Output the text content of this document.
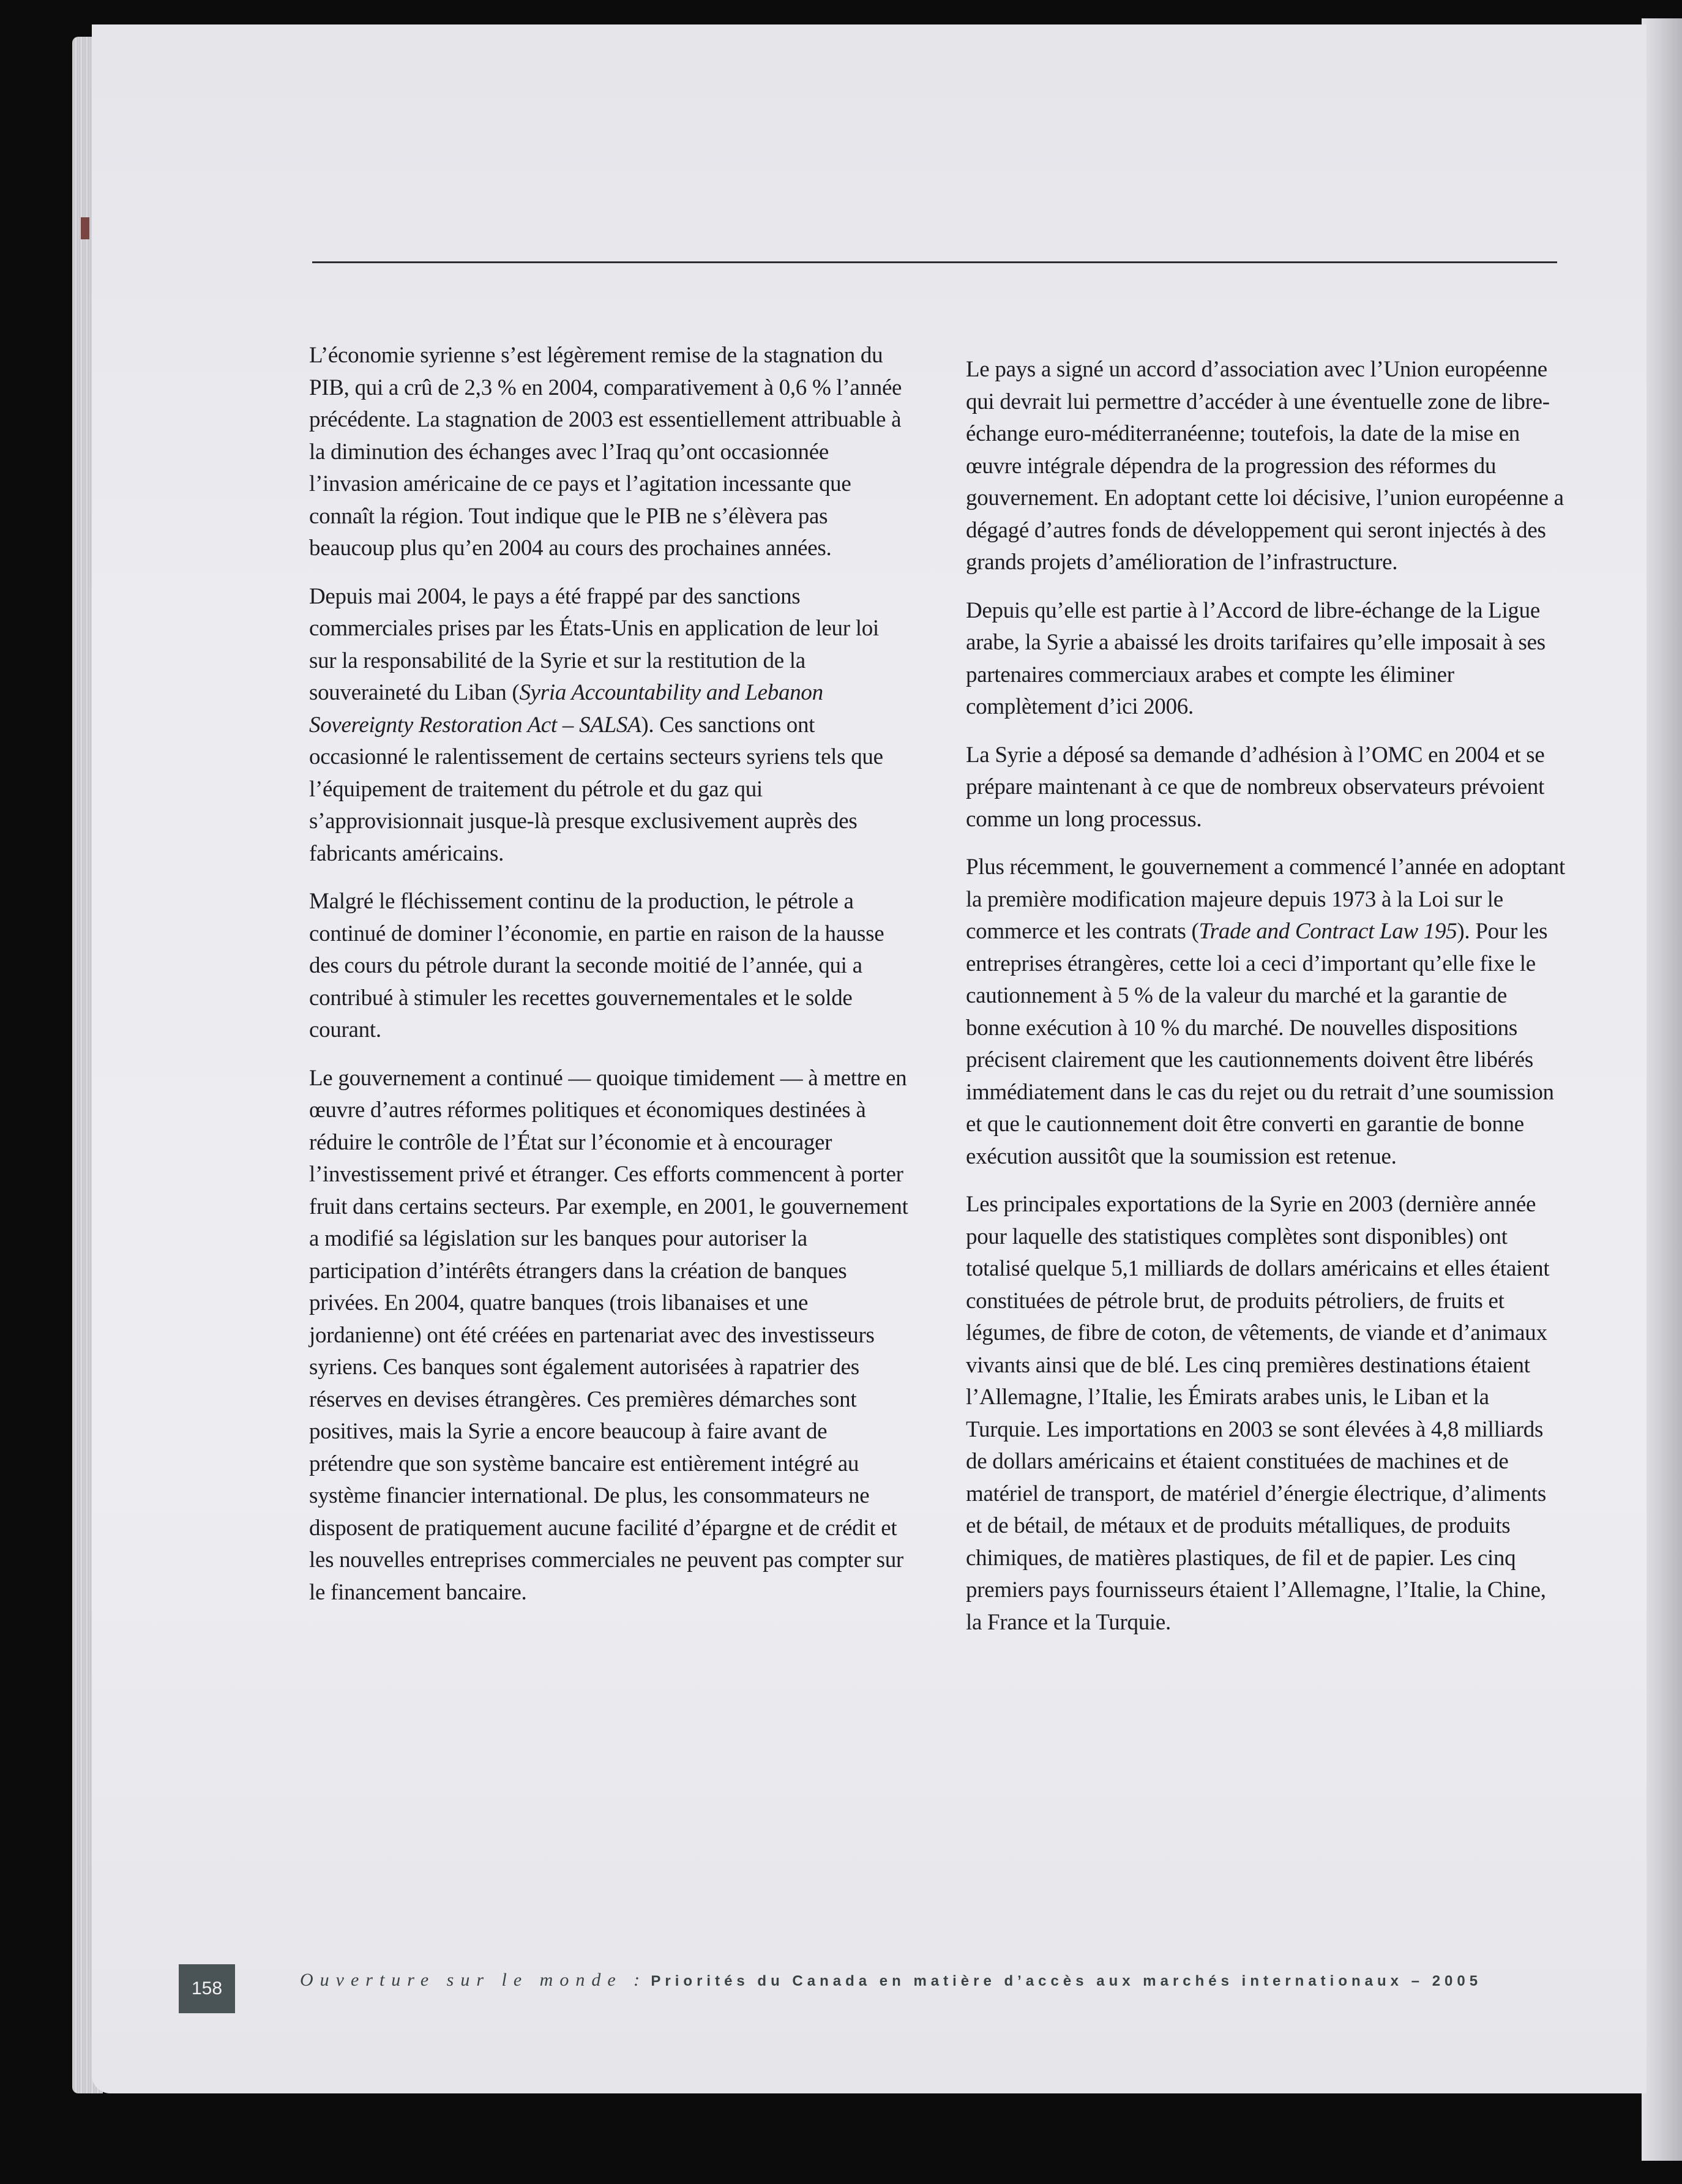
L’économie syrienne s’est légèrement remise de la stagnation du PIB, qui a crû de 2,3 % en 2004, comparativement à 0,6 % l’année précédente. La stagnation de 2003 est essentiellement attribuable à la diminution des échanges avec l’Iraq qu’ont occasionnée l’invasion américaine de ce pays et l’agitation incessante que connaît la région. Tout indique que le PIB ne s’élèvera pas beaucoup plus qu’en 2004 au cours des prochaines années.

Depuis mai 2004, le pays a été frappé par des sanctions commerciales prises par les États-Unis en application de leur loi sur la responsabilité de la Syrie et sur la restitution de la souveraineté du Liban (Syria Accountability and Lebanon Sovereignty Restoration Act – SALSA). Ces sanctions ont occasionné le ralentissement de certains secteurs syriens tels que l’équipement de traitement du pétrole et du gaz qui s’approvisionnait jusque-là presque exclusivement auprès des fabricants américains.

Malgré le fléchissement continu de la production, le pétrole a continué de dominer l’économie, en partie en raison de la hausse des cours du pétrole durant la seconde moitié de l’année, qui a contribué à stimuler les recettes gouvernementales et le solde courant.

Le gouvernement a continué — quoique timidement — à mettre en œuvre d’autres réformes politiques et économiques destinées à réduire le contrôle de l’État sur l’économie et à encourager l’investissement privé et étranger. Ces efforts commencent à porter fruit dans certains secteurs. Par exemple, en 2001, le gouvernement a modifié sa législation sur les banques pour autoriser la participation d’intérêts étrangers dans la création de banques privées. En 2004, quatre banques (trois libanaises et une jordanienne) ont été créées en partenariat avec des investisseurs syriens. Ces banques sont également autorisées à rapatrier des réserves en devises étrangères. Ces premières démarches sont positives, mais la Syrie a encore beaucoup à faire avant de prétendre que son système bancaire est entièrement intégré au système financier international. De plus, les consommateurs ne disposent de pratiquement aucune facilité d’épargne et de crédit et les nouvelles entreprises commerciales ne peuvent pas compter sur le financement bancaire.

Le pays a signé un accord d’association avec l’Union européenne qui devrait lui permettre d’accéder à une éventuelle zone de libre-échange euro-méditerranéenne; toutefois, la date de la mise en œuvre intégrale dépendra de la progression des réformes du gouvernement. En adoptant cette loi décisive, l’union européenne a dégagé d’autres fonds de développement qui seront injectés à des grands projets d’amélioration de l’infrastructure.

Depuis qu’elle est partie à l’Accord de libre-échange de la Ligue arabe, la Syrie a abaissé les droits tarifaires qu’elle imposait à ses partenaires commerciaux arabes et compte les éliminer complètement d’ici 2006.

La Syrie a déposé sa demande d’adhésion à l’OMC en 2004 et se prépare maintenant à ce que de nombreux observateurs prévoient comme un long processus.

Plus récemment, le gouvernement a commencé l’année en adoptant la première modification majeure depuis 1973 à la Loi sur le commerce et les contrats (Trade and Contract Law 195). Pour les entreprises étrangères, cette loi a ceci d’important qu’elle fixe le cautionnement à 5 % de la valeur du marché et la garantie de bonne exécution à 10 % du marché. De nouvelles dispositions précisent clairement que les cautionnements doivent être libérés immédiatement dans le cas du rejet ou du retrait d’une soumission et que le cautionnement doit être converti en garantie de bonne exécution aussitôt que la soumission est retenue.

Les principales exportations de la Syrie en 2003 (dernière année pour laquelle des statistiques complètes sont disponibles) ont totalisé quelque 5,1 milliards de dollars américains et elles étaient constituées de pétrole brut, de produits pétroliers, de fruits et légumes, de fibre de coton, de vêtements, de viande et d’animaux vivants ainsi que de blé. Les cinq premières destinations étaient l’Allemagne, l’Italie, les Émirats arabes unis, le Liban et la Turquie. Les importations en 2003 se sont élevées à 4,8 milliards de dollars américains et étaient constituées de machines et de matériel de transport, de matériel d’énergie électrique, d’aliments et de bétail, de métaux et de produits métalliques, de produits chimiques, de matières plastiques, de fil et de papier. Les cinq premiers pays fournisseurs étaient l’Allemagne, l’Italie, la Chine, la France et la Turquie.

158	Ouverture sur le monde : Priorités du Canada en matière d’accès aux marchés internationaux – 2005
